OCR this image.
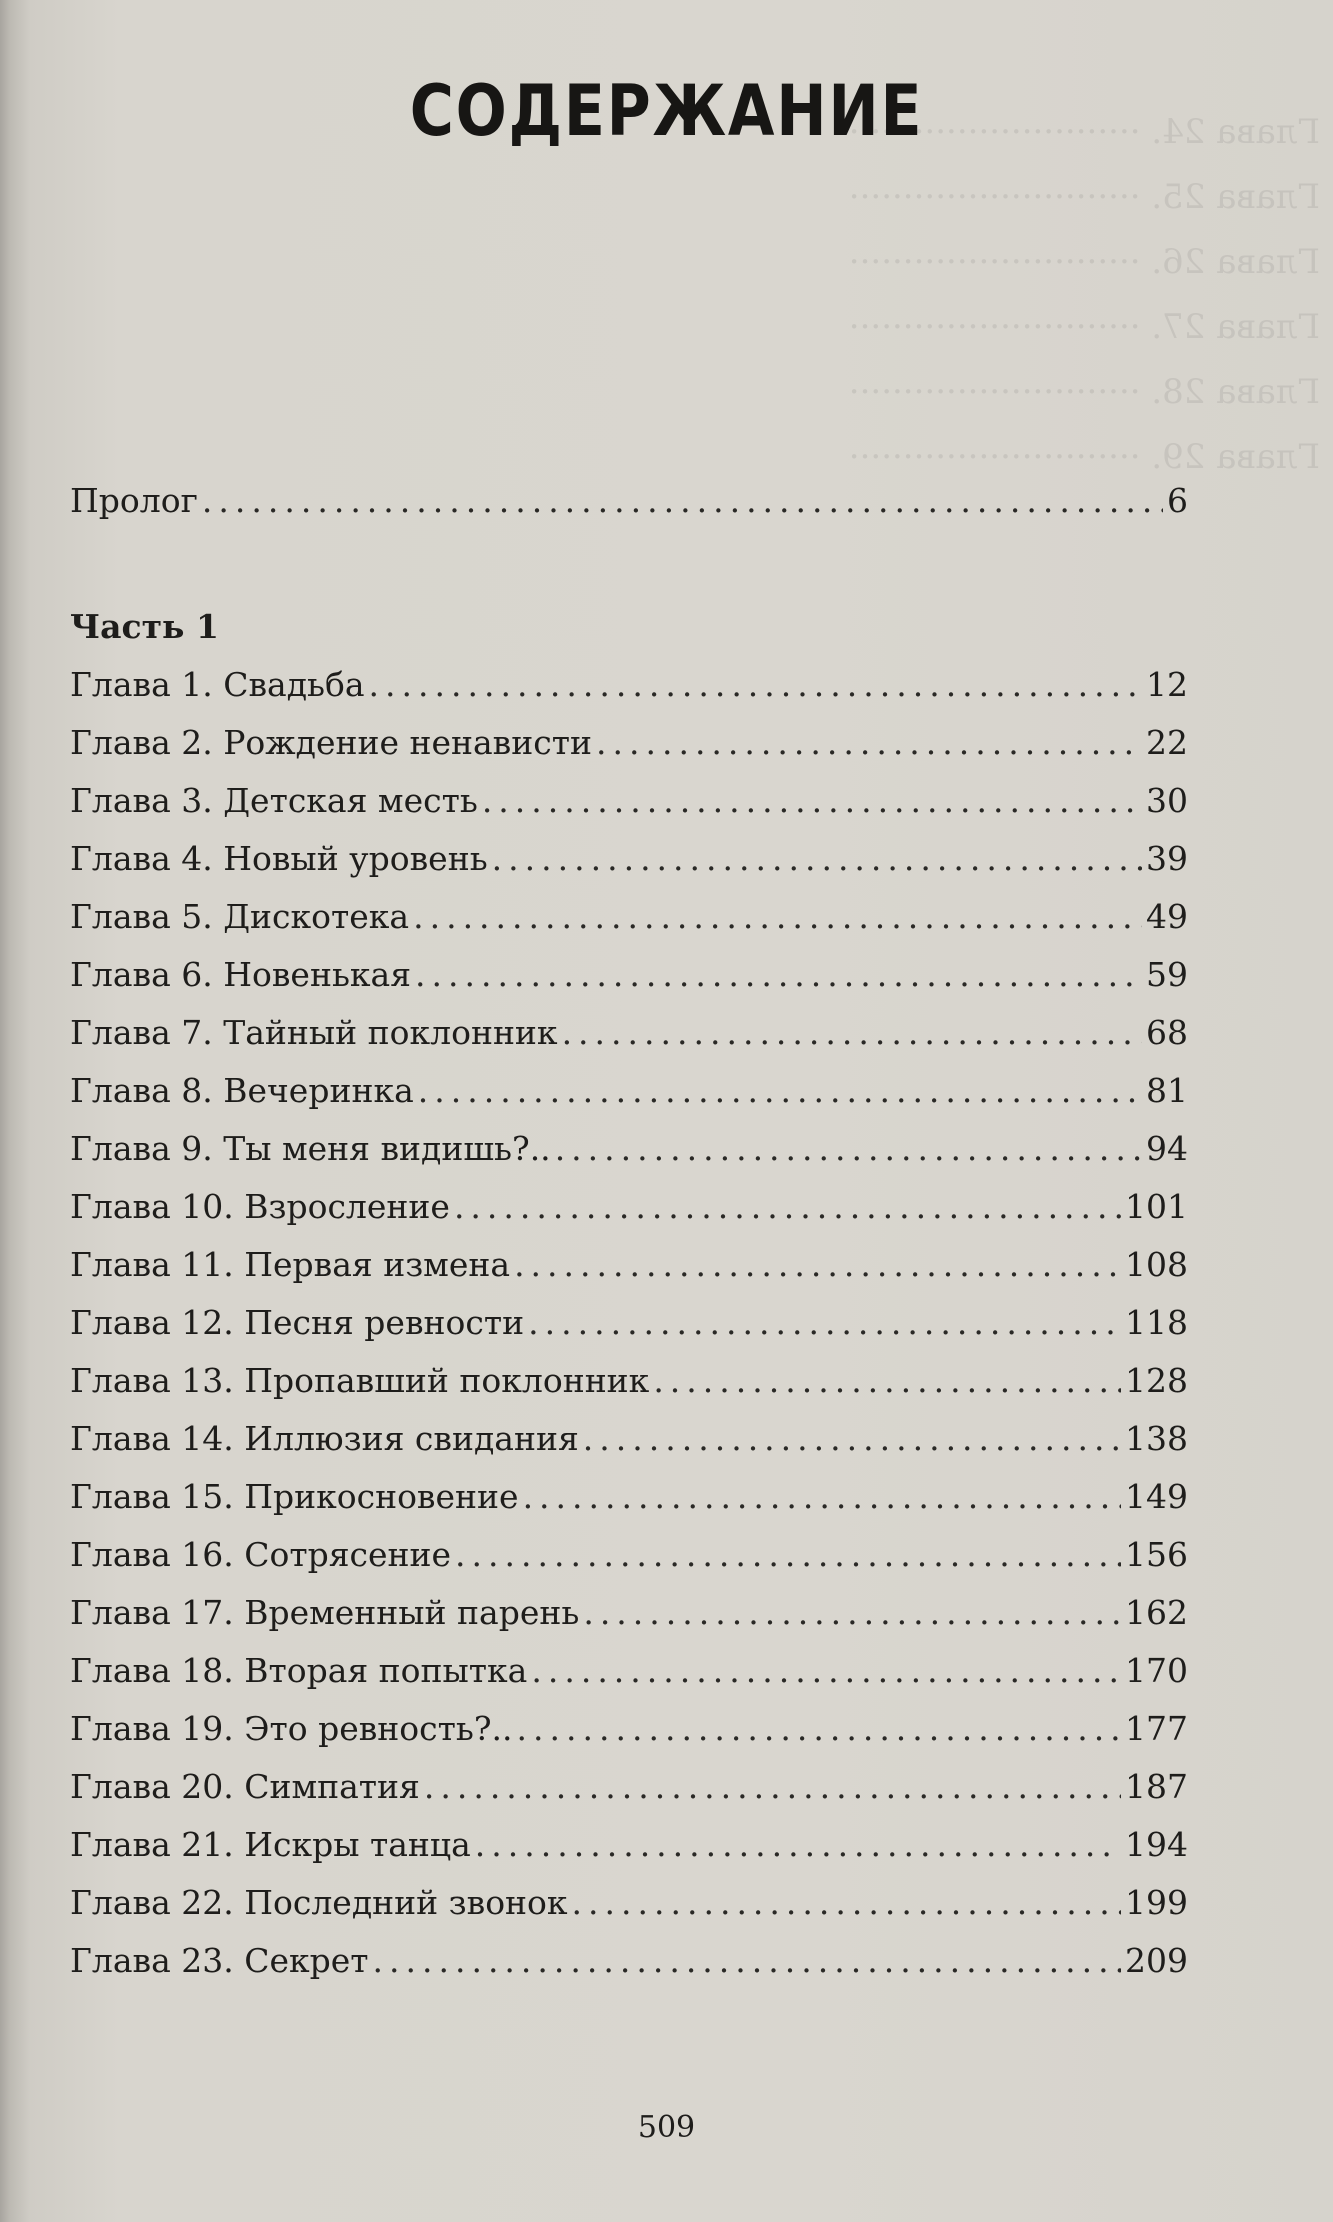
Глава 24. ···························
Глава 25. ···························
Глава 26. ···························
Глава 27. ···························
Глава 28. ···························
Глава 29. ···························
СОДЕРЖАНИЕ
Пролог .....	6
Часть 1
Глава 1. Свадьба .....	12
Глава 2. Рождение ненависти .....	22
Глава 3. Детская месть .....	30
Глава 4. Новый уровень .....	39
Глава 5. Дискотека .....	49
Глава 6. Новенькая .....	59
Глава 7. Тайный поклонник .....	68
Глава 8. Вечеринка .....	81
Глава 9. Ты меня видишь?.. .....	94
Глава 10. Взросление .....	101
Глава 11. Первая измена .....	108
Глава 12. Песня ревности .....	118
Глава 13. Пропавший поклонник .....	128
Глава 14. Иллюзия свидания .....	138
Глава 15. Прикосновение .....	149
Глава 16. Сотрясение .....	156
Глава 17. Временный парень .....	162
Глава 18. Вторая попытка .....	170
Глава 19. Это ревность?.. .....	177
Глава 20. Симпатия .....	187
Глава 21. Искры танца .....	194
Глава 22. Последний звонок .....	199
Глава 23. Секрет .....	209
509
